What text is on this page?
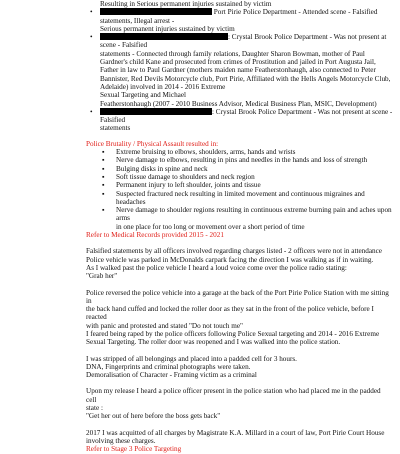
Resulting in Serious permanent injuries sustained by victim
• Port Pirie Police Department - Attended scene - Falsified statements, Illegal arrest -
Serious permanent injuries sustained by victim
• : Crystal Brook Police Department - Was not present at scene - Falsified
statements - Connected through family relations, Daughter Sharon Bowman, mother of Paul
Gardner's child Kane and prosecuted from crimes of Prostitution and jailed in Port Augusta Jail,
Father in law to Paul Gardner (mothers maiden name Featherstonhaugh, also connected to Peter
Bannister, Red Devils Motorcycle club, Port Pirie, Affiliated with the Hells Angels Motorcycle Club,
Adelaide) involved in 2014 - 2016 Extreme
Sexual Targeting and Michael
Featherstonhaugh (2007 - 2010 Business Advisor, Medical Business Plan, MSIC, Development)
• : Crystal Brook Police Department - Was not present at scene - Falsified
statements
Police Brutality / Physical Assault resulted in:
▪ Extreme bruising to elbows, shoulders, arms, hands and wrists
▪ Nerve damage to elbows, resulting in pins and needles in the hands and loss of strength
▪ Bulging disks in spine and neck
▪ Soft tissue damage to shoulders and neck region
▪ Permanent injury to left shoulder, joints and tissue
▪ Suspected fractured neck resulting in limited movement and continuous migraines and headaches
▪ Nerve damage to shoulder regions resulting in continuous extreme burning pain and aches upon arms
in one place for too long or movement over a short period of time
Refer to Medical Records provided 2015 - 2021

Falsified statements by all officers involved regarding charges listed - 2 officers were not in attendance

Police vehicle was parked in McDonalds carpark facing the direction I was walking as if in waiting.

As I walked past the police vehicle I heard a loud voice come over the police radio stating:

"Grab her"

Police reversed the police vehicle into a garage at the back of the Port Pirie Police Station with me sitting in

the back hand cuffed and locked the roller door as they sat in the front of the police vehicle, before I reacted

with panic and protested and stated "Do not touch me"

I feared being raped by the police officers following Police Sexual targeting and 2014 - 2016 Extreme

Sexual Targeting. The roller door was reopened and I was walked into the police station.

I was stripped of all belongings and placed into a padded cell for 3 hours.

DNA, Fingerprints and criminal photographs were taken.

Demoralisation of Character - Framing victim as a criminal

Upon my release I heard a police officer present in the police station who had placed me in the padded cell

state :

"Get her out of here before the boss gets back"

2017 I was acquitted of all charges by Magistrate K.A. Millard in a court of law, Port Pirie Court House

involving these charges.

Refer to Stage 3 Police Targeting
